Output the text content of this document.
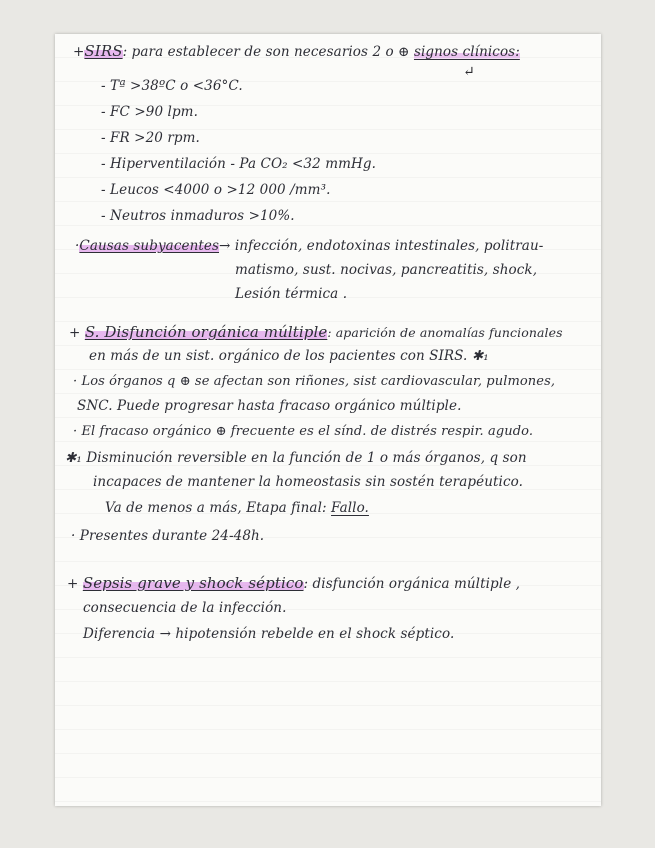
+SIRS: para establecer de son necesarios 2 o ⊕ signos clínicos:
↵
- Tª >38ºC o <36°C.
- FC >90 lpm.
- FR >20 rpm.
- Hiperventilación - Pa CO₂ <32 mmHg.
- Leucos <4000 o >12 000 /mm³.
- Neutros inmaduros >10%.
·Causas subyacentes→ infección, endotoxinas intestinales, politrau-
matismo, sust. nocivas, pancreatitis, shock,
Lesión térmica .
+ S. Disfunción orgánica múltiple: aparición de anomalías funcionales
en más de un sist. orgánico de los pacientes con SIRS. ✱₁
· Los órganos q ⊕ se afectan son riñones, sist cardiovascular, pulmones,
SNC. Puede progresar hasta fracaso orgánico múltiple.
· El fracaso orgánico ⊕ frecuente es el sínd. de distrés respir. agudo.
✱₁ Disminución reversible en la función de 1 o más órganos, q son
incapaces de mantener la homeostasis sin sostén terapéutico.
Va de menos a más, Etapa final: Fallo.
· Presentes durante 24-48h.
+ Sepsis grave y shock séptico: disfunción orgánica múltiple ,
consecuencia de la infección.
Diferencia → hipotensión rebelde en el shock séptico.
